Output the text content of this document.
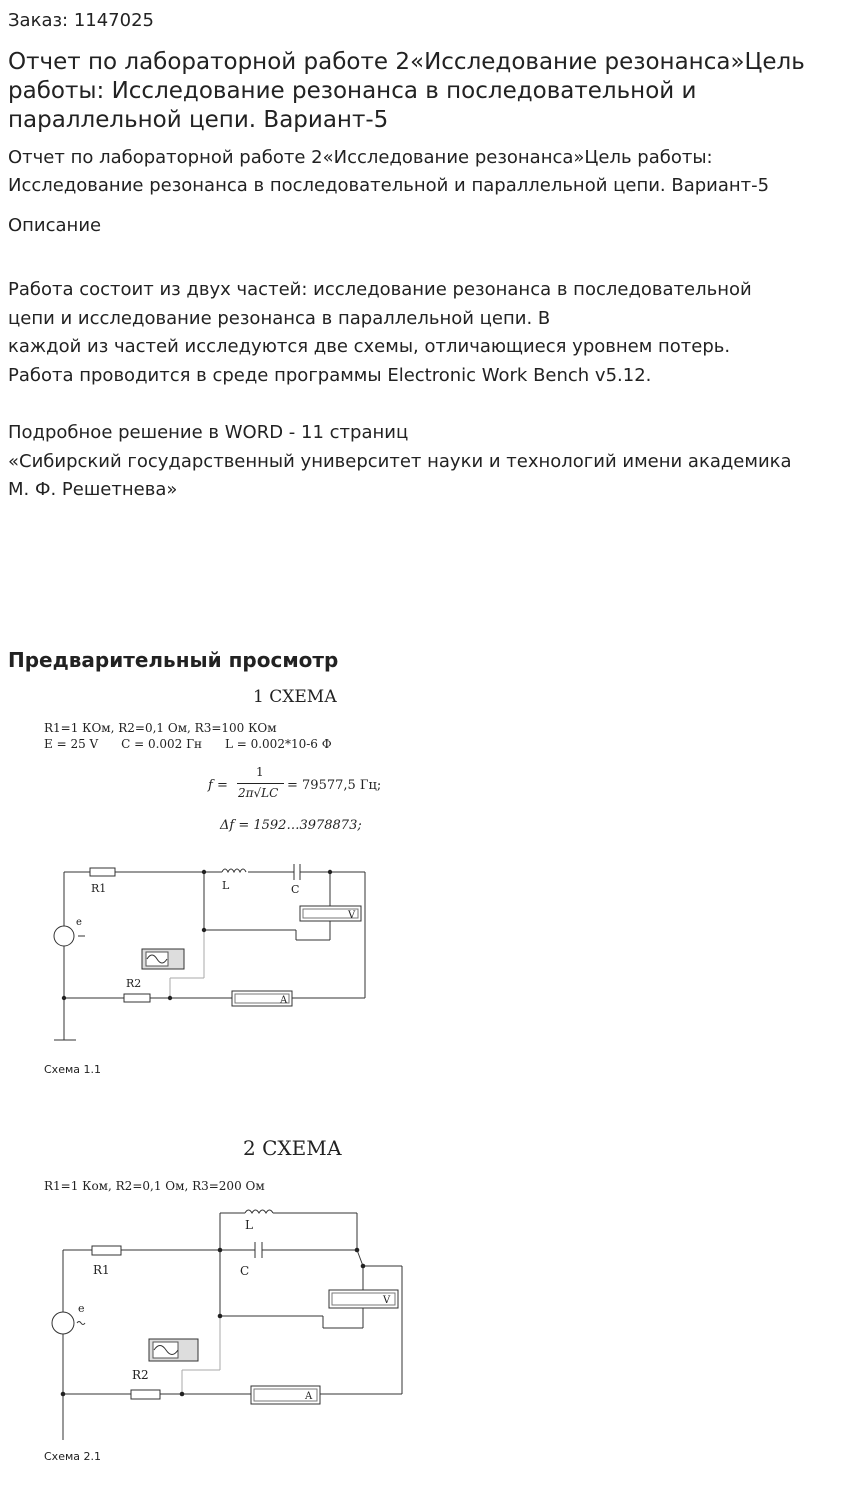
Заказ: 1147025
Отчет по лабораторной работе 2«Исследование резонанса»Цель работы: Исследование резонанса в последовательной и параллельной цепи. Вариант-5
Отчет по лабораторной работе 2«Исследование резонанса»Цель работы: Исследование резонанса в последовательной и параллельной цепи. Вариант-5
Описание
Работа состоит из двух частей: исследование резонанса в последовательной
цепи и исследование резонанса в параллельной цепи. В
каждой из частей исследуются две схемы, отличающиеся уровнем потерь.
Работа проводится в среде программы Electronic Work Bench v5.12.
Подробное решение в WORD - 11 страниц
«Сибирский государственный университет науки и технологий имени академика
М. Ф. Решетнева»
Предварительный просмотр
1 СХЕМА
R1=1 КОм, R2=0,1 Ом, R3=100 КОм
E = 25 V      C = 0.002 Гн      L = 0.002*10-6 Ф
f =
1
2π√LC = 79577,5 Гц;
Δf = 1592…3978873;
R1	L	C
R2
e
V
A
Схема 1.1
2 СХЕМА
R1=1 Ком, R2=0,1 Ом, R3=200 Ом
R1
L
C
R2
e
V
A
Схема 2.1
